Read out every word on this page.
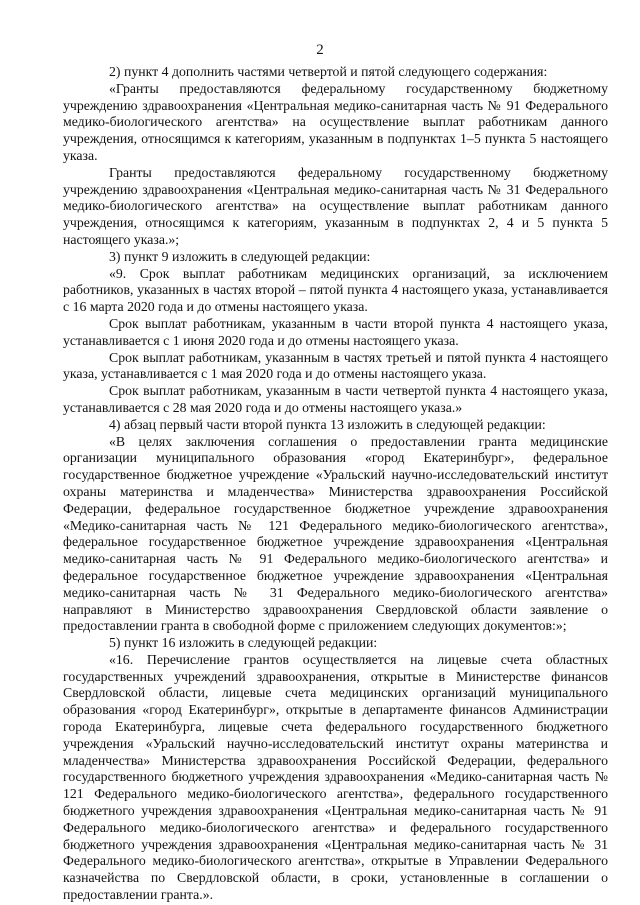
2

2) пункт 4 дополнить частями четвертой и пятой следующего содержания:

«Гранты предоставляются федеральному государственному бюджетному учреждению здравоохранения «Центральная медико-санитарная часть № 91 Федерального медико-биологического агентства» на осуществление выплат работникам данного учреждения, относящимся к категориям, указанным в подпунктах 1–5 пункта 5 настоящего указа.

Гранты предоставляются федеральному государственному бюджетному учреждению здравоохранения «Центральная медико-санитарная часть № 31 Федерального медико-биологического агентства» на осуществление выплат работникам данного учреждения, относящимся к категориям, указанным в подпунктах 2, 4 и 5 пункта 5 настоящего указа.»;

3) пункт 9 изложить в следующей редакции:

«9. Срок выплат работникам медицинских организаций, за исключением работников, указанных в частях второй – пятой пункта 4 настоящего указа, устанавливается с 16 марта 2020 года и до отмены настоящего указа.

Срок выплат работникам, указанным в части второй пункта 4 настоящего указа, устанавливается с 1 июня 2020 года и до отмены настоящего указа.

Срок выплат работникам, указанным в частях третьей и пятой пункта 4 настоящего указа, устанавливается с 1 мая 2020 года и до отмены настоящего указа.

Срок выплат работникам, указанным в части четвертой пункта 4 настоящего указа, устанавливается с 28 мая 2020 года и до отмены настоящего указа.»

4) абзац первый части второй пункта 13 изложить в следующей редакции:

«В целях заключения соглашения о предоставлении гранта медицинские организации муниципального образования «город Екатеринбург», федеральное государственное бюджетное учреждение «Уральский научно-исследовательский институт охраны материнства и младенчества» Министерства здравоохранения Российской Федерации, федеральное государственное бюджетное учреждение здравоохранения «Медико-санитарная часть № 121 Федерального медико-биологического агентства», федеральное государственное бюджетное учреждение здравоохранения «Центральная медико-санитарная часть № 91 Федерального медико-биологического агентства» и федеральное государственное бюджетное учреждение здравоохранения «Центральная медико-санитарная часть № 31 Федерального медико-биологического агентства» направляют в Министерство здравоохранения Свердловской области заявление о предоставлении гранта в свободной форме с приложением следующих документов:»;

5) пункт 16 изложить в следующей редакции:

«16. Перечисление грантов осуществляется на лицевые счета областных государственных учреждений здравоохранения, открытые в Министерстве финансов Свердловской области, лицевые счета медицинских организаций муниципального образования «город Екатеринбург», открытые в департаменте финансов Администрации города Екатеринбурга, лицевые счета федерального государственного бюджетного учреждения «Уральский научно-исследовательский институт охраны материнства и младенчества» Министерства здравоохранения Российской Федерации, федерального государственного бюджетного учреждения здравоохранения «Медико-санитарная часть № 121 Федерального медико-биологического агентства», федерального государственного бюджетного учреждения здравоохранения «Центральная медико-санитарная часть № 91 Федерального медико-биологического агентства» и федерального государственного бюджетного учреждения здравоохранения «Центральная медико-санитарная часть № 31 Федерального медико-биологического агентства», открытые в Управлении Федерального казначейства по Свердловской области, в сроки, установленные в соглашении о предоставлении гранта.».
